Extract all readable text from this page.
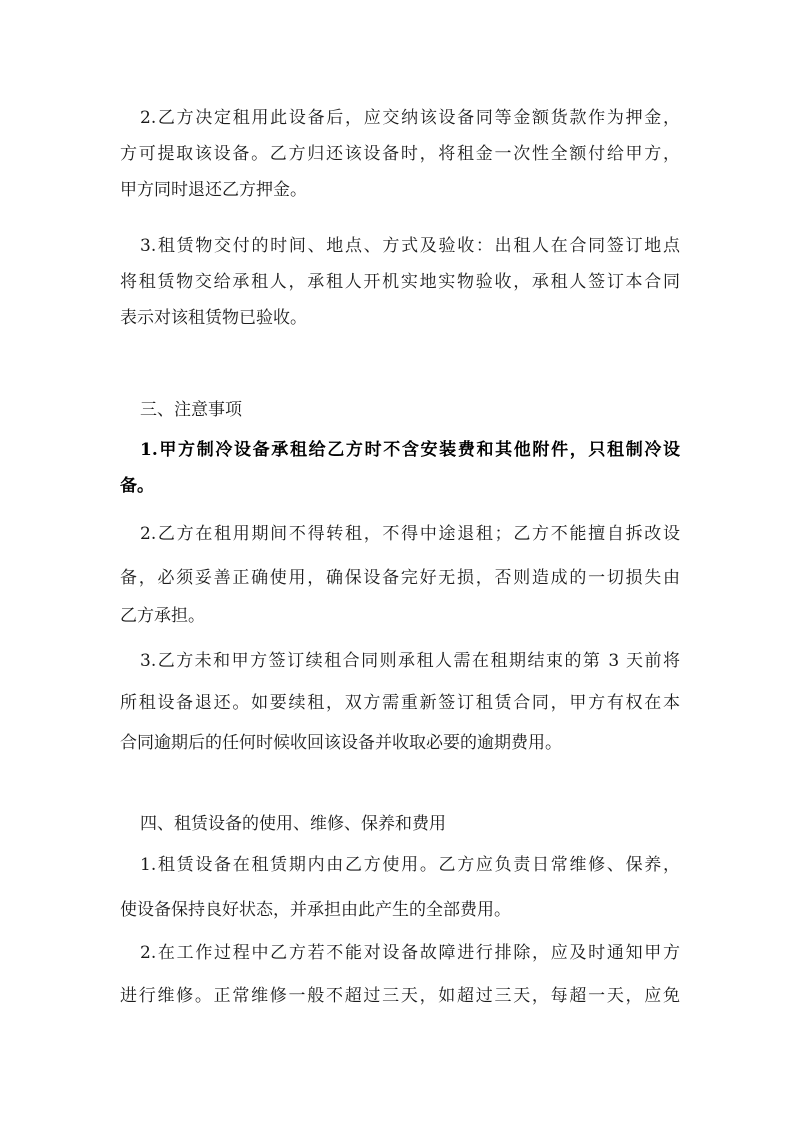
2.乙方决定租用此设备后，应交纳该设备同等金额货款作为押金，
方可提取该设备。乙方归还该设备时，将租金一次性全额付给甲方，
甲方同时退还乙方押金。
3.租赁物交付的时间、地点、方式及验收：出租人在合同签订地点
将租赁物交给承租人，承租人开机实地实物验收，承租人签订本合同
表示对该租赁物已验收。
三、注意事项
1.甲方制冷设备承租给乙方时不含安装费和其他附件，只租制冷设
备。
2.乙方在租用期间不得转租，不得中途退租；乙方不能擅自拆改设
备，必须妥善正确使用，确保设备完好无损，否则造成的一切损失由
乙方承担。
3.乙方未和甲方签订续租合同则承租人需在租期结束的第 3 天前将
所租设备退还。如要续租，双方需重新签订租赁合同，甲方有权在本
合同逾期后的任何时候收回该设备并收取必要的逾期费用。
四、租赁设备的使用、维修、保养和费用
1.租赁设备在租赁期内由乙方使用。乙方应负责日常维修、保养，
使设备保持良好状态，并承担由此产生的全部费用。
2.在工作过程中乙方若不能对设备故障进行排除，应及时通知甲方
进行维修。正常维修一般不超过三天，如超过三天，每超一天，应免
